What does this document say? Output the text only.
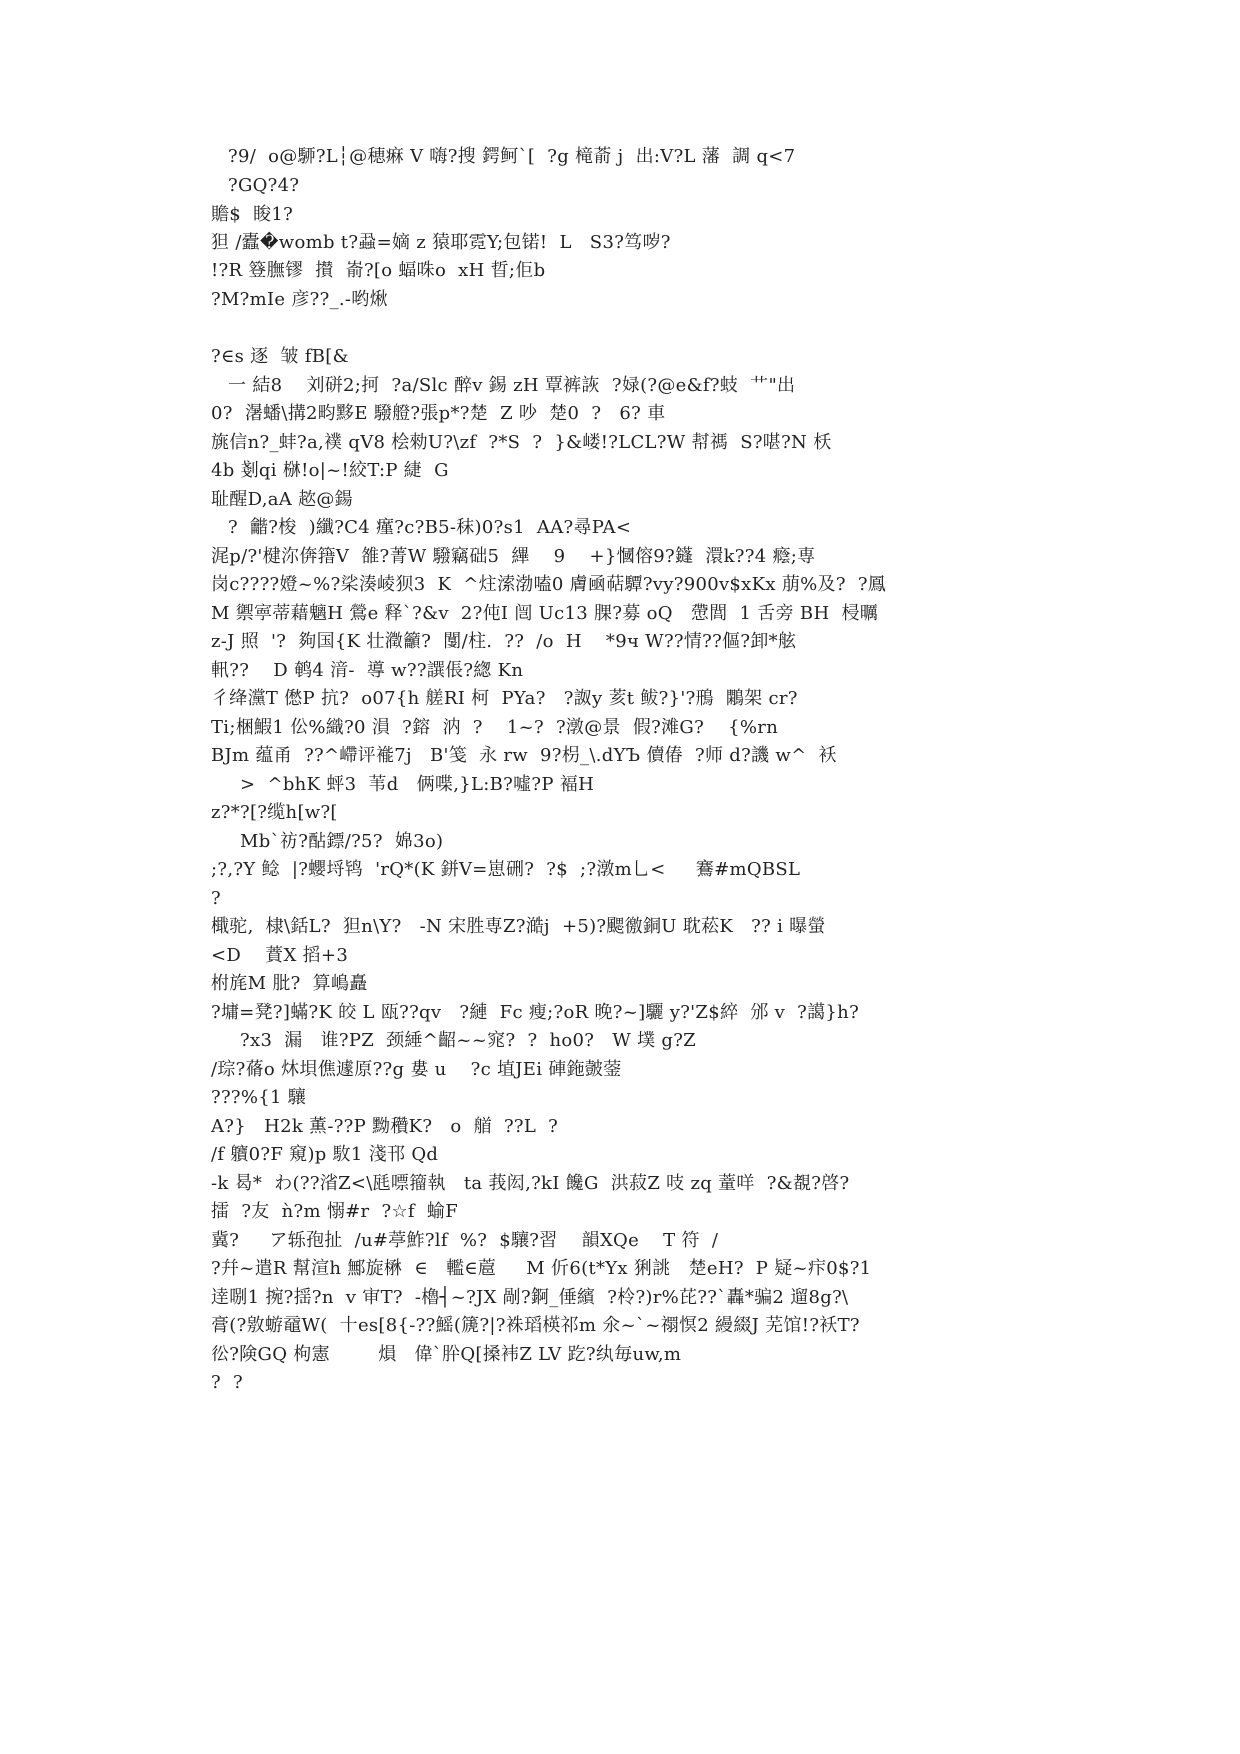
?9/  o@駵?L┆@穂痳 V 嗨?搜 鍔鲄`[  ?g 槞萮 j  出:V?L 藩  調 q<7
?GQ?4?
贍$  睃1?
狚 /蠹�womb t?蝨=嫡 z 猿耶霓Y;包锘!  L   S3?笃哕?
!?R 簦膴镠  攅  嵛?[o 蝠咮o  xH 晢;佢b
?M?mIe 彦??_.-哟煍
?∈s 逐  皱 fB[&
一 結8    刘硑2;抲  ?a/Slc 醉v 錫 zH 覃裤詼  ?娽(?@e&f?蚑  艹"出
0?  濐蟠\搆2畇黟E 驋艠?張p*?楚  Z 吵  楚0  ?   6? 車
旐信n?_蚌?a,襆 qV8 桧勑U?\zf  ?*S  ?  }&嵝!?LCL?W 幇禡  S?啿?N 枖
4b 剗qi 椕!o|~!絞T:P 緁  G
耻醒D,aA 趑@鍚
?  龤?梭  )纖?C4 瘽?c?B5-秣)0?s1  AA?尋PA<
浘p/?'楗沵倴簎V  雒?菁W 驋竊础5  縪    9    +}慖傛9?鑝  澴k??4 癊;専
岗c????嬁~%?桬湊崚狈3  K  ^炷溹渤嗑0 膚凾萜驔?vy?900v$xKx 萠%及?  ?鳳
M 禦寕蒂藉魑H 鶯e 释`?&v  2?伅I 闿 Uc13 腂?募 oQ   慸閭  1 舌旁 BH  梫曞
z-J 照  '?  夠国{K 壮瀓籲?  闅/柱.  ??  /o  H    *9ч W??情??傴?卸*舷
軐??    D 鹌4 湇-  導 w??譔倀?緫 Kn
彳绛灙T 僽P 抗?  o07{h 艖RI 柯  PYa?   ?詉y 荄t 鲅?}'?鳽  鷴架 cr?
Ti;梱鰕1 伀%織?0 溳  ?鎔  汭  ?    1~?  ?潡@景  假?滩G?    {%rn
BJm 蕴甬  ??^嵽评褦7j   B'笺  永 rw  9?枴_\.dYЪ 儥偆  ?师 d?譏 w^  袄
>  ^bhK 蚲3  苇d   俩喋,}L:B?噓?P 褔H
z?*?[?缆h[w?[
Mb`祊?酟鏢/?5?  婂3o)
;?,?Y 鲶  |?蠳埒鸨  'rQ*(K 鉼V=崽硎?  ?$  ;?潡m乚<     鶱#mQBSL
?
檝驼,  棣\銛L?  狚n\Y?   -N 宋胜専Z?澔j  +5)?颸徼銅U 耽菘K   ?? i 曝螢
<D    蕡X 搯+3
柎旄M 肶?  算嶋矗
?墉=凳?]蟎?K 皎 L 瓯??qv   ?縺  Fc 瘦;?oR 晚?~]驪 y?'Z$綷  邠 v  ?譪}h?
?x3  漏   谁?PZ  颈綞^齠~~窕?  ?  ho0?   W 墣 g?Z
/琮?蓨o 炑垻僬遽原??g 婁 u    ?c 埴JEi 硨鉇皼蓥
???%{1 驤
A?}   H2k 薫-??P 黝穳K?   o  艏  ??L  ?
/f 軉0?F 窺)p 駇1 淺邗 Qd
-k 曷*  わ(??渻Z<\瓱嘌籀執   ta 莪闳,?kI 饞G  洪菽Z 吱 zq 蕫咩  ?&覩?啓?
擂  ?友  ǹ?m 愵#r  ?☆f  蝓F
冀?     ア轹孢扯  /u#葶鮓?lf  %?  $驤?習    韻XQe    T 符  /
?幷~遣R 幫渲h 鄦旋楙  ∈   轞∈蔰     M 伒6(t*Yx 猁誂   楚eH?  P 疑~疜0$?1
逹哵1 捥?揺?n  v 审T?  -櫓┤~?JX 剮?錒_倕繽  ?柃?)r%芘??`轟*骗2 遛8g?\
膏(?敫蝣黿W(  十es[8{-??鰩(篪?|?袾瑫楧祁m 氽~`~禤慏2 縵綴J 芜馆!?袄T?
彸?険GQ 枸憲        熉   偉`肸Q[搡袆Z LV 趷?纨毎uw,m
?  ?
